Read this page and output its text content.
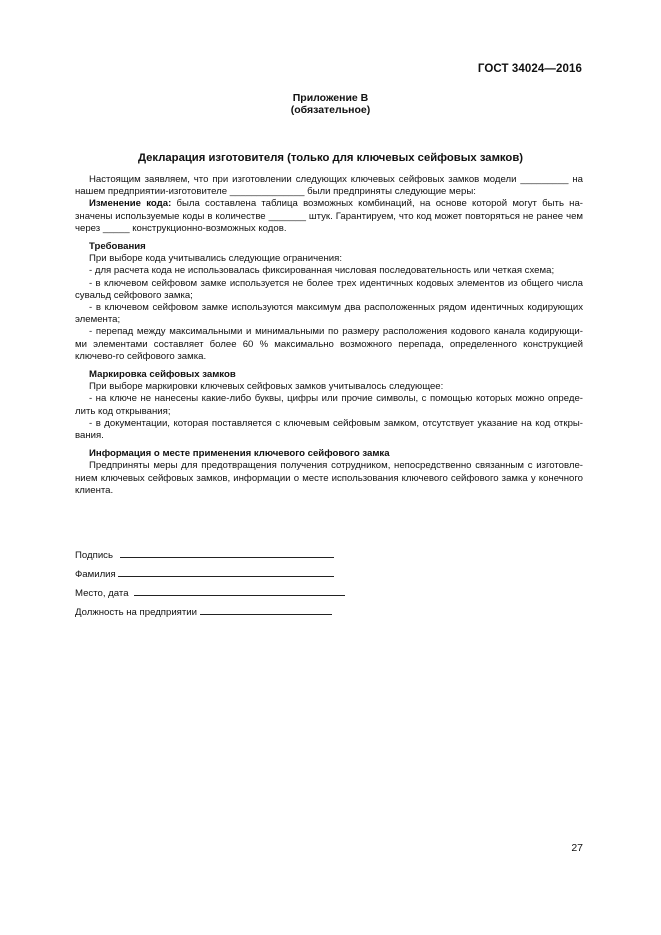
ГОСТ 34024—2016
Приложение В
(обязательное)
Декларация изготовителя (только для ключевых сейфовых замков)

Настоящим заявляем, что при изготовлении следующих ключевых сейфовых замков модели _________ на нашем предприятии-изготовителе ______________ были предприняты следующие меры:

Изменение кода: была составлена таблица возможных комбинаций, на основе которой могут быть на-значены используемые коды в количестве _______ штук. Гарантируем, что код может повторяться не ранее чем через _____ конструкционно-возможных кодов.

Требования

При выборе кода учитывались следующие ограничения:

- для расчета кода не использовалась фиксированная числовая последовательность или четкая схема;

- в ключевом сейфовом замке используется не более трех идентичных кодовых элементов из общего числа сувальд сейфового замка;

- в ключевом сейфовом замке используются максимум два расположенных рядом идентичных кодирующих элемента;

- перепад между максимальными и минимальными по размеру расположения кодового канала кодирующи-ми элементами составляет более 60 % максимально возможного перепада, определенного конструкцией ключево-го сейфового замка.

Маркировка сейфовых замков

При выборе маркировки ключевых сейфовых замков учитывалось следующее:

- на ключе не нанесены какие-либо буквы, цифры или прочие символы, с помощью которых можно опреде-лить код открывания;

- в документации, которая поставляется с ключевым сейфовым замком, отсутствует указание на код откры-вания.

Информация о месте применения ключевого сейфового замка

Предприняты меры для предотвращения получения сотрудником, непосредственно связанным с изготовле-нием ключевых сейфовых замков, информации о месте использования ключевого сейфового замка у конечного клиента.

Подпись
Фамилия
Место, дата
Должность на предприятии
27
